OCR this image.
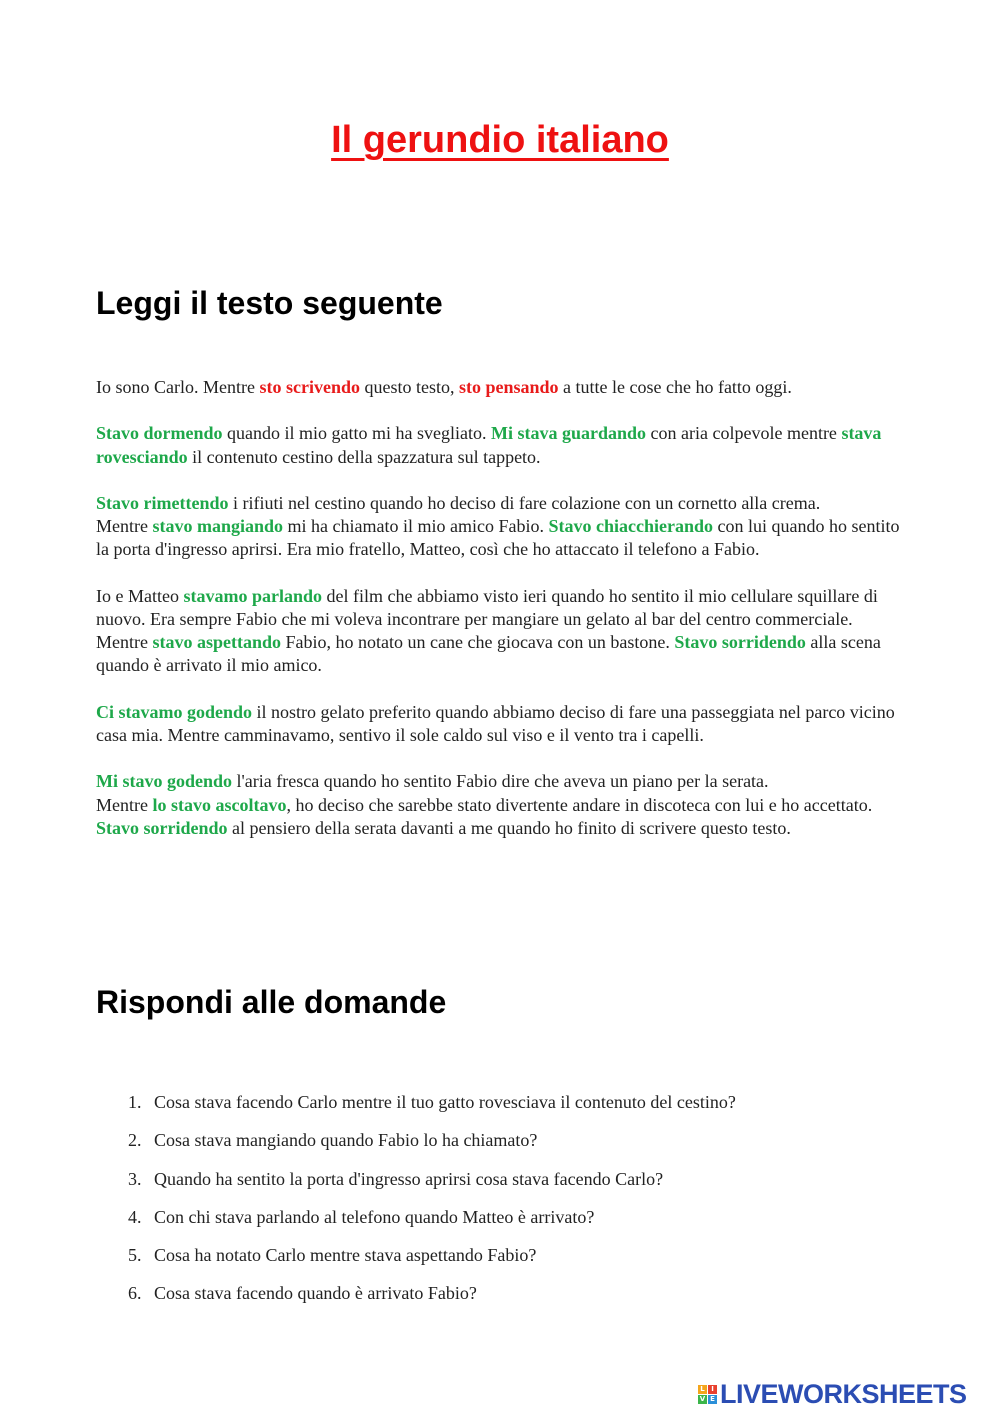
Il gerundio italiano
Leggi il testo seguente

Io sono Carlo. Mentre sto scrivendo questo testo, sto pensando a tutte le cose che ho fatto oggi.

Stavo dormendo quando il mio gatto mi ha svegliato. Mi stava guardando con aria colpevole mentre stava rovesciando il contenuto cestino della spazzatura sul tappeto.

Stavo rimettendo i rifiuti nel cestino quando ho deciso di fare colazione con un cornetto alla crema.

Mentre stavo mangiando mi ha chiamato il mio amico Fabio. Stavo chiacchierando con lui quando ho sentito la porta d'ingresso aprirsi. Era mio fratello, Matteo, così che ho attaccato il telefono a Fabio.

Io e Matteo stavamo parlando del film che abbiamo visto ieri quando ho sentito il mio cellulare squillare di nuovo. Era sempre Fabio che mi voleva incontrare per mangiare un gelato al bar del centro commerciale.

Mentre stavo aspettando Fabio, ho notato un cane che giocava con un bastone. Stavo sorridendo alla scena quando è arrivato il mio amico.

Ci stavamo godendo il nostro gelato preferito quando abbiamo deciso di fare una passeggiata nel parco vicino casa mia. Mentre camminavamo, sentivo il sole caldo sul viso e il vento tra i capelli.

Mi stavo godendo l'aria fresca quando ho sentito Fabio dire che aveva un piano per la serata.

Mentre lo stavo ascoltavo, ho deciso che sarebbe stato divertente andare in discoteca con lui e ho accettato.

Stavo sorridendo al pensiero della serata davanti a me quando ho finito di scrivere questo testo.

Rispondi alle domande
1. Cosa stava facendo Carlo mentre il tuo gatto rovesciava il contenuto del cestino?
2. Cosa stava mangiando quando Fabio lo ha chiamato?
3. Quando ha sentito la porta d'ingresso aprirsi cosa stava facendo Carlo?
4. Con chi stava parlando al telefono quando Matteo è arrivato?
5. Cosa ha notato Carlo mentre stava aspettando Fabio?
6. Cosa stava facendo quando è arrivato Fabio?
L I
V E LIVEWORKSHEETS
